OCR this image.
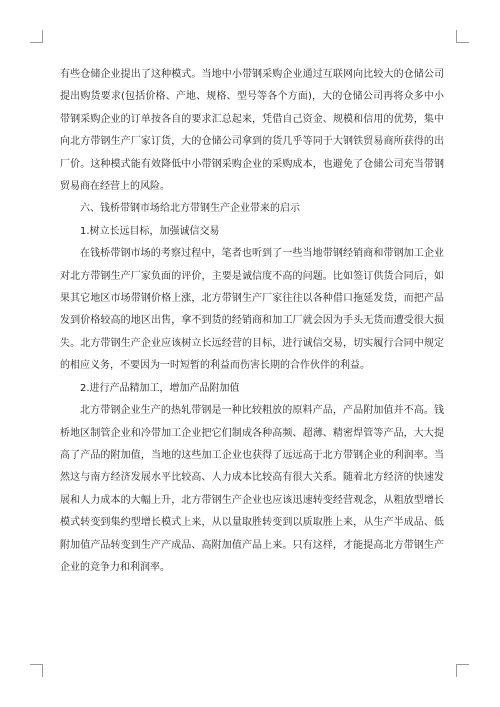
有些仓储企业提出了这种模式。当地中小带钢采购企业通过互联网向比较大的仓储公司提出购货要求(包括价格、产地、规格、型号等各个方面)，大的仓储公司再将众多中小带钢采购企业的订单按各自的要求汇总起来，凭借自己资金、规模和信用的优势，集中向北方带钢生产厂家订货，大的仓储公司拿到的货几乎等同于大钢铁贸易商所获得的出厂价。这种模式能有效降低中小带钢采购企业的采购成本，也避免了仓储公司充当带钢贸易商在经营上的风险。

六、钱桥带钢市场给北方带钢生产企业带来的启示

1.树立长远目标，加强诚信交易

在钱桥带钢市场的考察过程中，笔者也听到了一些当地带钢经销商和带钢加工企业对北方带钢生产厂家负面的评价，主要是诚信度不高的问题。比如签订供货合同后，如果其它地区市场带钢价格上涨，北方带钢生产厂家往往以各种借口拖延发货，而把产品发到价格较高的地区出售，拿不到货的经销商和加工厂就会因为手头无货而遭受很大损失。北方带钢生产企业应该树立长远经营的目标，进行诚信交易，切实履行合同中规定的相应义务，不要因为一时短暂的利益而伤害长期的合作伙伴的利益。

2.进行产品精加工，增加产品附加值

北方带钢企业生产的热轧带钢是一种比较粗放的原料产品，产品附加值并不高。钱桥地区制管企业和冷带加工企业把它们制成各种高频、超薄、精密焊管等产品，大大提高了产品的附加值，当地的这些加工企业也获得了远远高于北方带钢企业的利润率。当然这与南方经济发展水平比较高、人力成本比较高有很大关系。随着北方经济的快速发展和人力成本的大幅上升，北方带钢生产企业也应该迅速转变经营观念，从粗放型增长模式转变到集约型增长模式上来，从以量取胜转变到以质取胜上来，从生产半成品、低附加值产品转变到生产产成品、高附加值产品上来。只有这样，才能提高北方带钢生产企业的竞争力和利润率。
